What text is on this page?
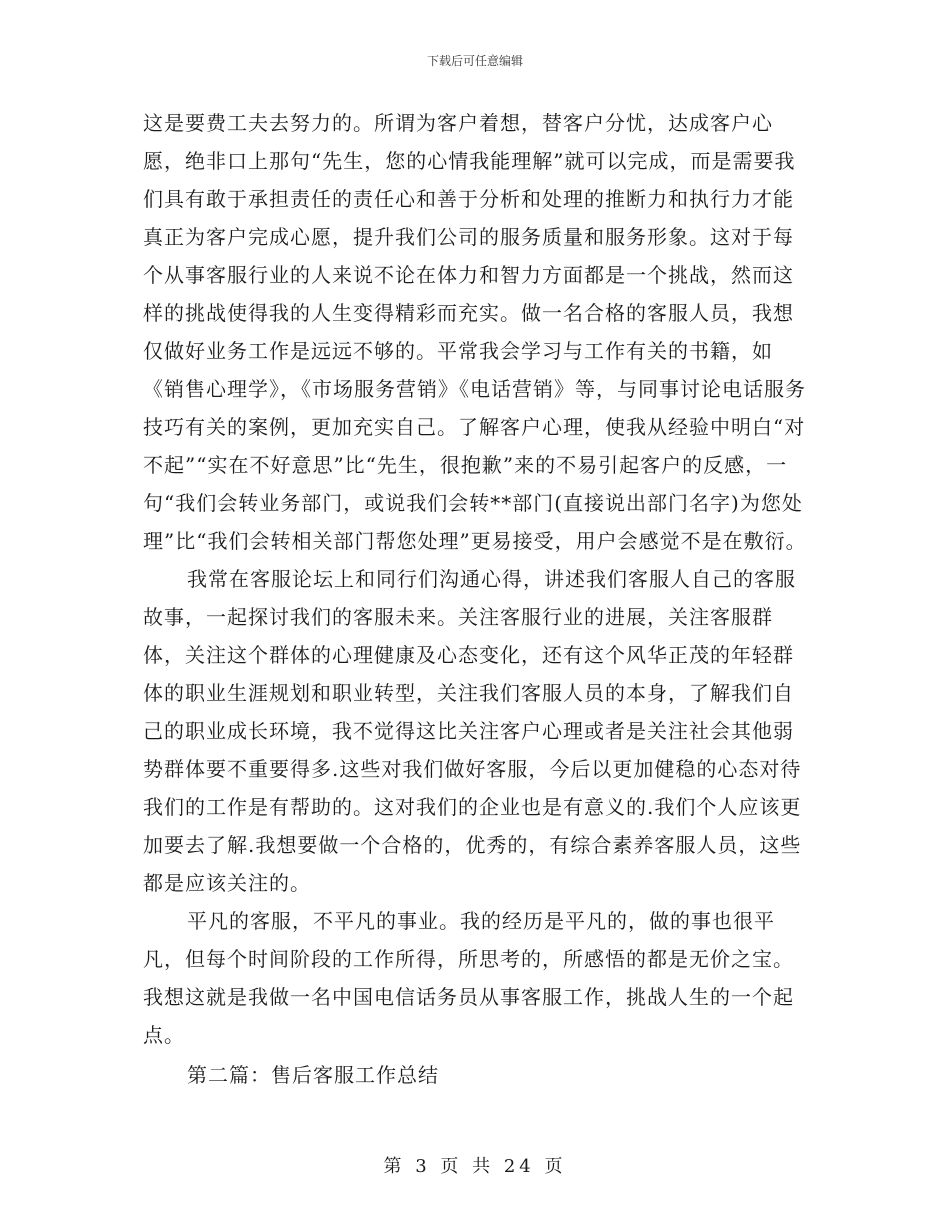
下载后可任意编辑

这是要费工夫去努力的。所谓为客户着想，替客户分忧，达成客户心愿，绝非口上那句“先生，您的心情我能理解”就可以完成，而是需要我们具有敢于承担责任的责任心和善于分析和处理的推断力和执行力才能真正为客户完成心愿，提升我们公司的服务质量和服务形象。这对于每个从事客服行业的人来说不论在体力和智力方面都是一个挑战，然而这样的挑战使得我的人生变得精彩而充实。做一名合格的客服人员，我想仅做好业务工作是远远不够的。平常我会学习与工作有关的书籍，如《销售心理学》，《市场服务营销》《电话营销》等，与同事讨论电话服务技巧有关的案例，更加充实自己。了解客户心理，使我从经验中明白“对不起”“实在不好意思”比“先生，很抱歉”来的不易引起客户的反感，一句“我们会转业务部门，或说我们会转**部门(直接说出部门名字)为您处理”比“我们会转相关部门帮您处理”更易接受，用户会感觉不是在敷衍。

我常在客服论坛上和同行们沟通心得，讲述我们客服人自己的客服故事，一起探讨我们的客服未来。关注客服行业的进展，关注客服群体，关注这个群体的心理健康及心态变化，还有这个风华正茂的年轻群体的职业生涯规划和职业转型，关注我们客服人员的本身，了解我们自己的职业成长环境，我不觉得这比关注客户心理或者是关注社会其他弱势群体要不重要得多.这些对我们做好客服，今后以更加健稳的心态对待我们的工作是有帮助的。这对我们的企业也是有意义的.我们个人应该更加要去了解.我想要做一个合格的，优秀的，有综合素养客服人员，这些都是应该关注的。

平凡的客服，不平凡的事业。我的经历是平凡的，做的事也很平凡，但每个时间阶段的工作所得，所思考的，所感悟的都是无价之宝。我想这就是我做一名中国电信话务员从事客服工作，挑战人生的一个起点。

第二篇：售后客服工作总结

第 3 页 共 24 页
